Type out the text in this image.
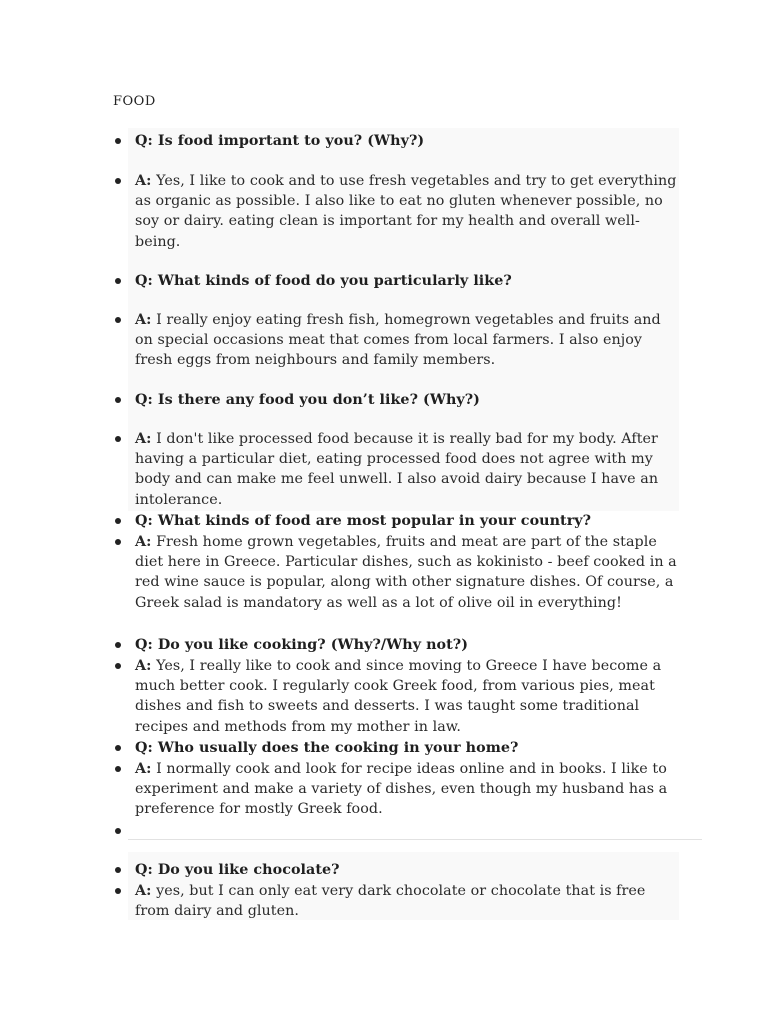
FOOD
Q: Is food important to you? (Why?)
A: Yes, I like to cook and to use fresh vegetables and try to get everything as organic as possible. I also like to eat no gluten whenever possible, no soy or dairy. eating clean is important for my health and overall well-being.
Q: What kinds of food do you particularly like?
A: I really enjoy eating fresh fish, homegrown vegetables and fruits and on special occasions meat that comes from local farmers. I also enjoy fresh eggs from neighbours and family members.
Q: Is there any food you don’t like? (Why?)
A: I don't like processed food because it is really bad for my body. After having a particular diet, eating processed food does not agree with my body and can make me feel unwell. I also avoid dairy because I have an intolerance.
Q: What kinds of food are most popular in your country?
A: Fresh home grown vegetables, fruits and meat are part of the staple diet here in Greece. Particular dishes, such as kokinisto - beef cooked in a red wine sauce is popular, along with other signature dishes. Of course, a Greek salad is mandatory as well as a lot of olive oil in everything!
Q: Do you like cooking? (Why?/Why not?)
A: Yes, I really like to cook and since moving to Greece I have become a much better cook. I regularly cook Greek food, from various pies, meat dishes and fish to sweets and desserts. I was taught some traditional recipes and methods from my mother in law.
Q: Who usually does the cooking in your home?
A: I normally cook and look for recipe ideas online and in books. I like to experiment and make a variety of dishes, even though my husband has a preference for mostly Greek food.
Q: Do you like chocolate?
A: yes, but I can only eat very dark chocolate or chocolate that is free from dairy and gluten.
